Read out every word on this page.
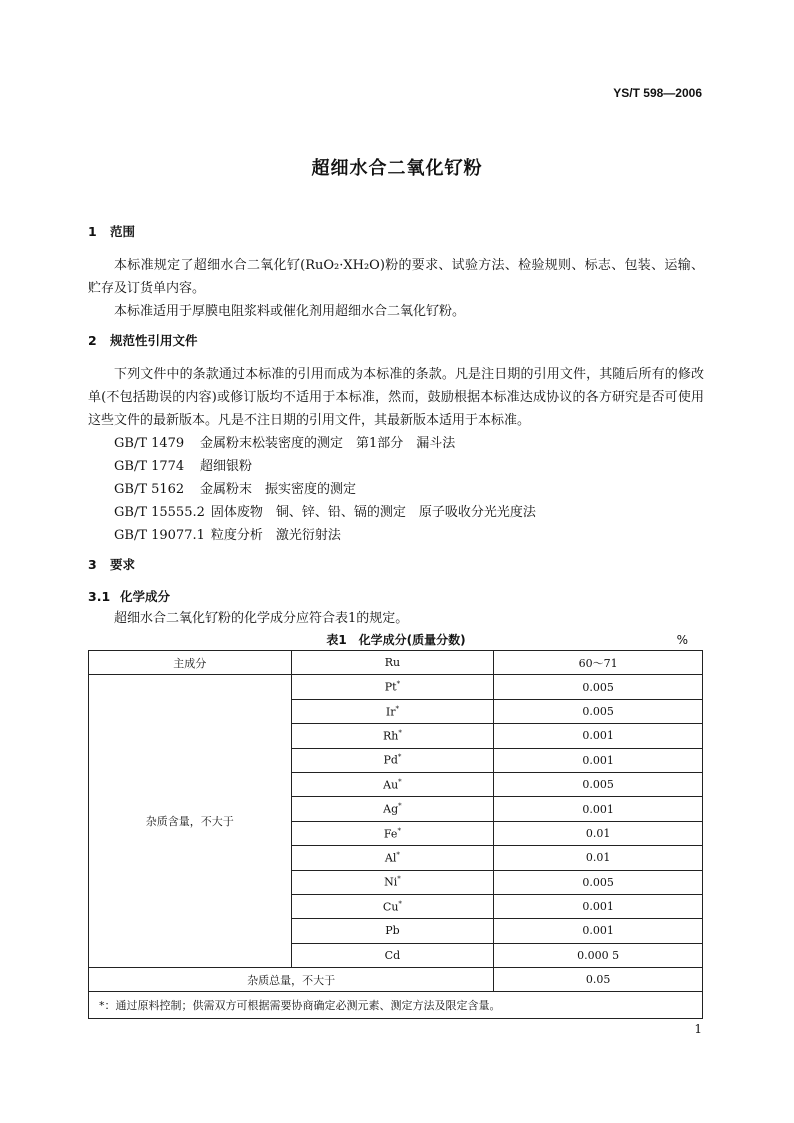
YS/T 598—2006
超细水合二氧化钌粉
1 范围

本标准规定了超细水合二氧化钌(RuO₂·XH₂O)粉的要求、试验方法、检验规则、标志、包装、运输、贮存及订货单内容。

本标准适用于厚膜电阻浆料或催化剂用超细水合二氧化钌粉。

2 规范性引用文件

下列文件中的条款通过本标准的引用而成为本标准的条款。凡是注日期的引用文件，其随后所有的修改单(不包括勘误的内容)或修订版均不适用于本标准，然而，鼓励根据本标准达成协议的各方研究是否可使用这些文件的最新版本。凡是不注日期的引用文件，其最新版本适用于本标准。

GB/T 1479 金属粉末松装密度的测定　第1部分　漏斗法

GB/T 1774 超细银粉

GB/T 5162 金属粉末　振实密度的测定

GB/T 15555.2 固体废物　铜、锌、铅、镉的测定　原子吸收分光光度法

GB/T 19077.1 粒度分析　激光衍射法

3 要求
3.1 化学成分

超细水合二氧化钌粉的化学成分应符合表1的规定。

表1　化学成分(质量分数)	%
主成分	Ru	60～71
杂质含量，不大于	Pt*	0.005
	Ir*	0.005
	Rh*	0.001
	Pd*	0.001
	Au*	0.005
	Ag*	0.001
	Fe*	0.01
	Al*	0.01
	Ni*	0.005
	Cu*	0.001
	Pb	0.001
	Cd	0.000 5
杂质总量，不大于		0.05
*：通过原料控制；供需双方可根据需要协商确定必测元素、测定方法及限定含量。		
1
